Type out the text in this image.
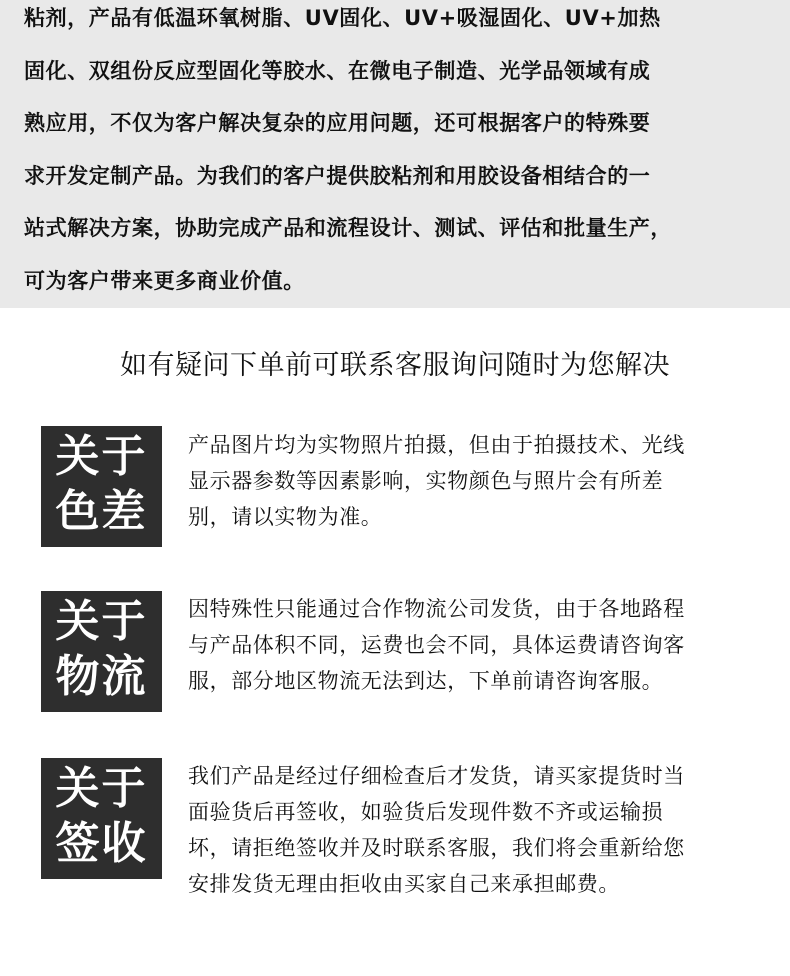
粘剂，产品有低温环氧树脂、UV固化、UV+吸湿固化、UV+加热
固化、双组份反应型固化等胶水、在微电子制造、光学品领域有成
熟应用，不仅为客户解决复杂的应用问题，还可根据客户的特殊要
求开发定制产品。为我们的客户提供胶粘剂和用胶设备相结合的一
站式解决方案，协助完成产品和流程设计、测试、评估和批量生产，
可为客户带来更多商业价值。
如有疑问下单前可联系客服询问随时为您解决
关于
色差
产品图片均为实物照片拍摄，但由于拍摄技术、光线
显示器参数等因素影响，实物颜色与照片会有所差
别，请以实物为准。
关于
物流
因特殊性只能通过合作物流公司发货，由于各地路程
与产品体积不同，运费也会不同，具体运费请咨询客
服，部分地区物流无法到达，下单前请咨询客服。
关于
签收
我们产品是经过仔细检查后才发货，请买家提货时当
面验货后再签收，如验货后发现件数不齐或运输损
坏，请拒绝签收并及时联系客服，我们将会重新给您
安排发货无理由拒收由买家自己来承担邮费。
